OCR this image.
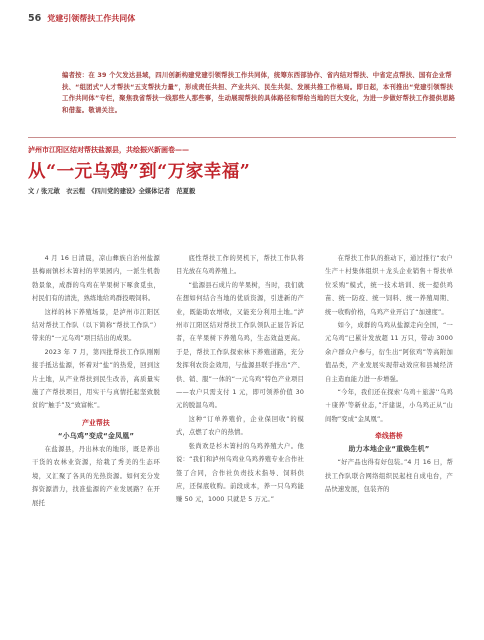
56 党建引领帮扶工作共同体
编者按：在 39 个欠发达县域，四川创新构建党建引领帮扶工作共同体，统筹东西部协作、省内结对帮扶、中省定点帮扶、国有企业帮扶、“组团式”人才帮扶“五支帮扶力量”，形成责任共担、产业共兴、民生共促、发展共推工作格局。即日起，本刊推出“党建引领帮扶工作共同体”专栏，聚焦我省帮扶一线那些人那些事，生动展现帮扶的具体路径和帮给当地的巨大变化，为进一步做好帮扶工作提供思路和借鉴。敬请关注。
泸州市江阳区结对帮扶盐源县，共绘振兴新画卷——
从“一元乌鸡”到“万家幸福”
文 / 张元敢　衣云程　《四川党的建设》全媒体记者　范夏毅

4 月 16 日清晨，凉山彝族自治州盐源县梅雨镇杉木箐村的苹果园内，一派生机勃勃景象，成群的乌鸡在苹果树下啄食觅虫，村民们有的清洗，熟练地给鸡群投喂饲料。

这样的林下养殖场景，是泸州市江阳区结对帮扶工作队（以下简称“帮扶工作队”）带来的“一元乌鸡”项目结出的成果。

2023 年 7 月，第四批帮扶工作队刚刚接手抵达盐源，怀着对“盐”的热爱，回到这片土地，从产业帮扶到民生改善，高质量实施了产帮扶项目，用实干与真情托起坚致脱贫的“触手”及“致富帐”。

产业帮扶
“小乌鸡”变成“金凤凰”

在盐源县，丹出林农的地形，既是养出干货的农林业资源，给栽了秀美的生态环境，又汇聚了各具的光热资源。如何充分发挥资源潜力，找准盐源的产业发展路？在开展托

底性帮扶工作的契机下，帮扶工作队将目光放在乌鸡养殖上。

“盐源县石成片的苹果树，当时，我们就在想如何结合当地的优质资源，引进新的产业，既能助农增收，又能充分利用土地。”泸州市江阳区结对帮扶工作队领队正显告诉记者，在苹果树下养殖乌鸡，生态效益更高。于是，帮扶工作队探索林下养殖道路，充分发挥利农资金效用，与盐源县联手推出“产、供、销、服”一体的“一元乌鸡”特色产业项目——农户只需支付 1 元，即可领养价值 30 元的脱温乌鸡。

这种“订单养殖价，企业保回收”的模式，点燃了农户的热情。

张尚欢是杉木箐村的乌鸡养殖大户。他说：“我们和泸州乌鸡业乌鸡养殖专业合作社签了合同，合作社负责技术指导、饲料供应，还保底收购。前段成本，养一只乌鸡能赚 50 元，1000 只就是 5 万元。”

在帮扶工作队的推动下，通过推行“农户生产＋村集体组织＋龙头企业销售＋帮扶单位采购”模式，统一技术培训、统一提供鸡苗、统一防疫、统一饲料、统一养殖周期、统一收购价格，乌鸡产业开启了“加速度”。

如今，成群的乌鸡从盐源走向全国，“一元乌鸡”已累计发放超 11 万只，带动 3000 余户群众户参与，衍生出“阿依鸡”等高附加值品类，产业发展实现带动效应和县城经济自主造血能力进一步增强。

“今年，我们还在探索‘乌鸡＋旅游’‘乌鸡＋康养’等新业态，”汗建说，小乌鸡正从“山间物”变成“金凤凰”。

牵线搭桥
助力本地企业“重焕生机”

“好产品也得有好包装。”4 月 16 日，帮扶工作队联合网络组织民起柱自成电台，产品快速发展，包装齐的
